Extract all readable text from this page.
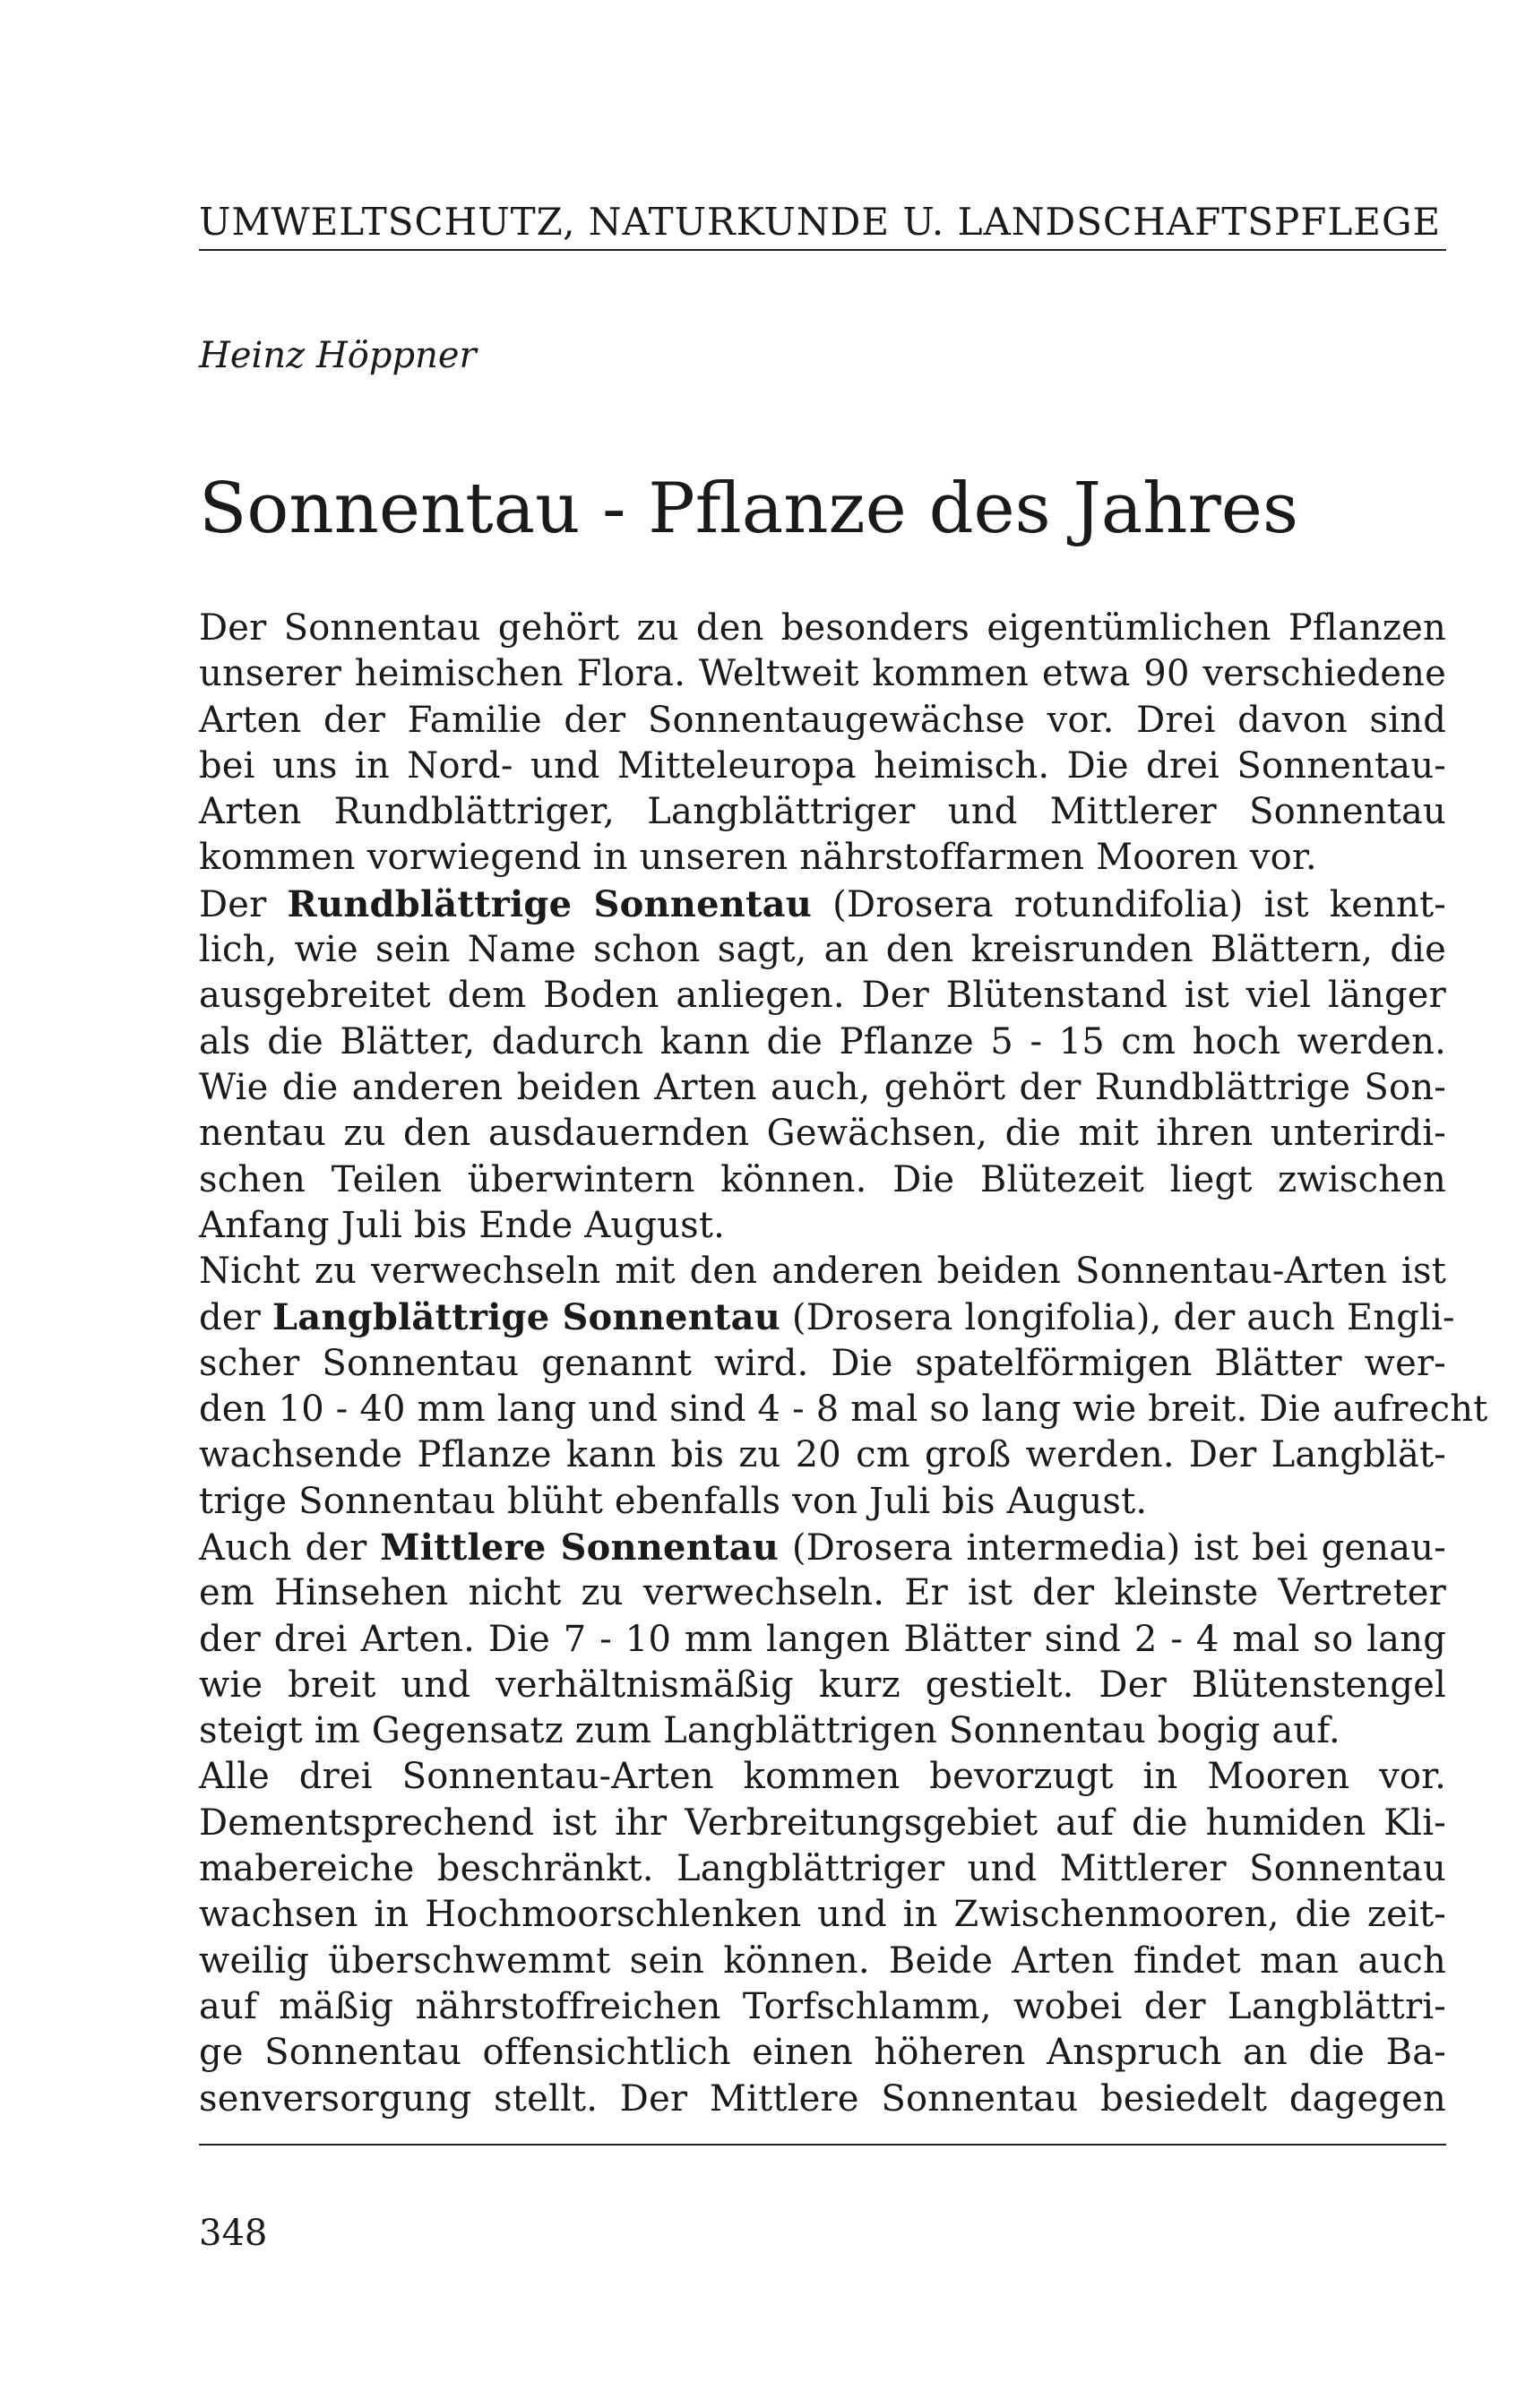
UMWELTSCHUTZ, NATURKUNDE U. LANDSCHAFTSPFLEGE
Heinz Höppner
Sonnentau - Pflanze des Jahres
Der Sonnentau gehört zu den besonders eigentümlichen Pflanzen
unserer heimischen Flora. Weltweit kommen etwa 90 verschiedene
Arten der Familie der Sonnentaugewächse vor. Drei davon sind
bei uns in Nord- und Mitteleuropa heimisch. Die drei Sonnentau-
Arten Rundblättriger, Langblättriger und Mittlerer Sonnentau
kommen vorwiegend in unseren nährstoffarmen Mooren vor.
Der Rundblättrige Sonnentau (Drosera rotundifolia) ist kennt-
lich, wie sein Name schon sagt, an den kreisrunden Blättern, die
ausgebreitet dem Boden anliegen. Der Blütenstand ist viel länger
als die Blätter, dadurch kann die Pflanze 5 - 15 cm hoch werden.
Wie die anderen beiden Arten auch, gehört der Rundblättrige Son-
nentau zu den ausdauernden Gewächsen, die mit ihren unterirdi-
schen Teilen überwintern können. Die Blütezeit liegt zwischen
Anfang Juli bis Ende August.
Nicht zu verwechseln mit den anderen beiden Sonnentau-Arten ist
der Langblättrige Sonnentau (Drosera longifolia), der auch Engli-
scher Sonnentau genannt wird. Die spatelförmigen Blätter wer-
den 10 - 40 mm lang und sind 4 - 8 mal so lang wie breit. Die aufrecht
wachsende Pflanze kann bis zu 20 cm groß werden. Der Langblät-
trige Sonnentau blüht ebenfalls von Juli bis August.
Auch der Mittlere Sonnentau (Drosera intermedia) ist bei genau-
em Hinsehen nicht zu verwechseln. Er ist der kleinste Vertreter
der drei Arten. Die 7 - 10 mm langen Blätter sind 2 - 4 mal so lang
wie breit und verhältnismäßig kurz gestielt. Der Blütenstengel
steigt im Gegensatz zum Langblättrigen Sonnentau bogig auf.
Alle drei Sonnentau-Arten kommen bevorzugt in Mooren vor.
Dementsprechend ist ihr Verbreitungsgebiet auf die humiden Kli-
mabereiche beschränkt. Langblättriger und Mittlerer Sonnentau
wachsen in Hochmoorschlenken und in Zwischenmooren, die zeit-
weilig überschwemmt sein können. Beide Arten findet man auch
auf mäßig nährstoffreichen Torfschlamm, wobei der Langblättri-
ge Sonnentau offensichtlich einen höheren Anspruch an die Ba-
senversorgung stellt. Der Mittlere Sonnentau besiedelt dagegen
348
